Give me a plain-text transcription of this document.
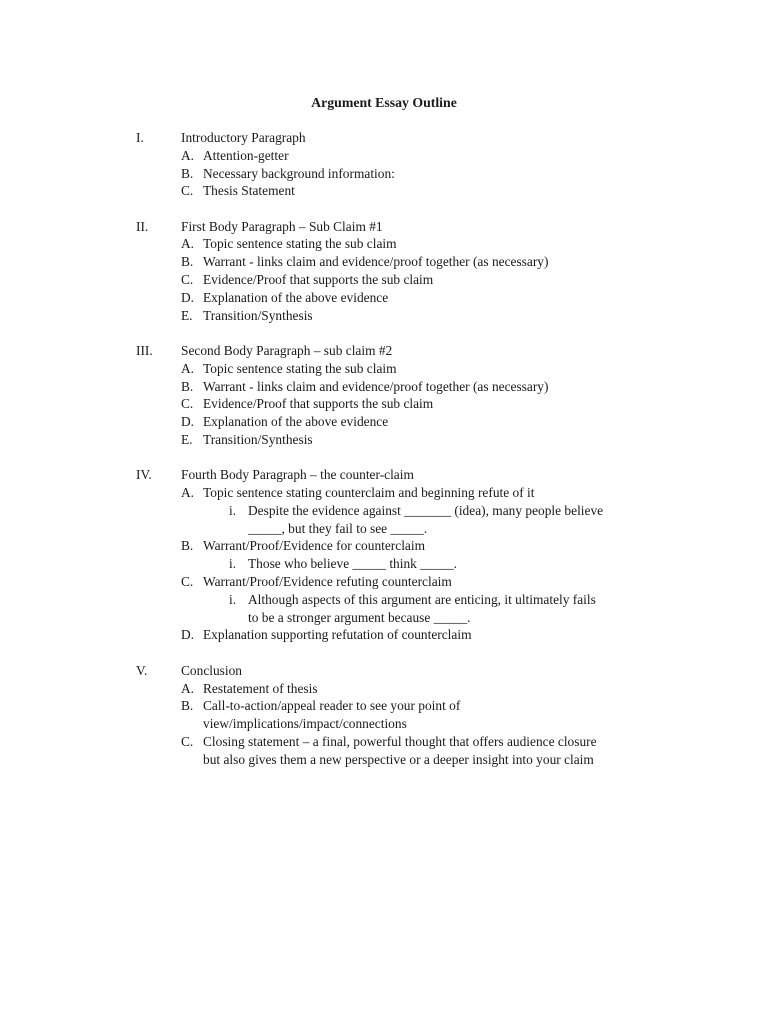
Argument Essay Outline
I.	Introductory Paragraph
A. Attention-getter
B. Necessary background information:
C. Thesis Statement
II. First Body Paragraph – Sub Claim #1
A. Topic sentence stating the sub claim
B. Warrant - links claim and evidence/proof together (as necessary)
C. Evidence/Proof that supports the sub claim
D. Explanation of the above evidence
E. Transition/Synthesis
III. Second Body Paragraph – sub claim #2
A. Topic sentence stating the sub claim
B. Warrant - links claim and evidence/proof together (as necessary)
C. Evidence/Proof that supports the sub claim
D. Explanation of the above evidence
E. Transition/Synthesis
IV. Fourth Body Paragraph – the counter-claim
A. Topic sentence stating counterclaim and beginning refute of it
i. Despite the evidence against _______ (idea), many people believe
_____, but they fail to see _____.
B. Warrant/Proof/Evidence for counterclaim
i. Those who believe _____ think _____.
C. Warrant/Proof/Evidence refuting counterclaim
i. Although aspects of this argument are enticing, it ultimately fails
to be a stronger argument because _____.
D. Explanation supporting refutation of counterclaim
V.	Conclusion
A. Restatement of thesis
B. Call-to-action/appeal reader to see your point of
view/implications/impact/connections
C. Closing statement – a final, powerful thought that offers audience closure
but also gives them a new perspective or a deeper insight into your claim
